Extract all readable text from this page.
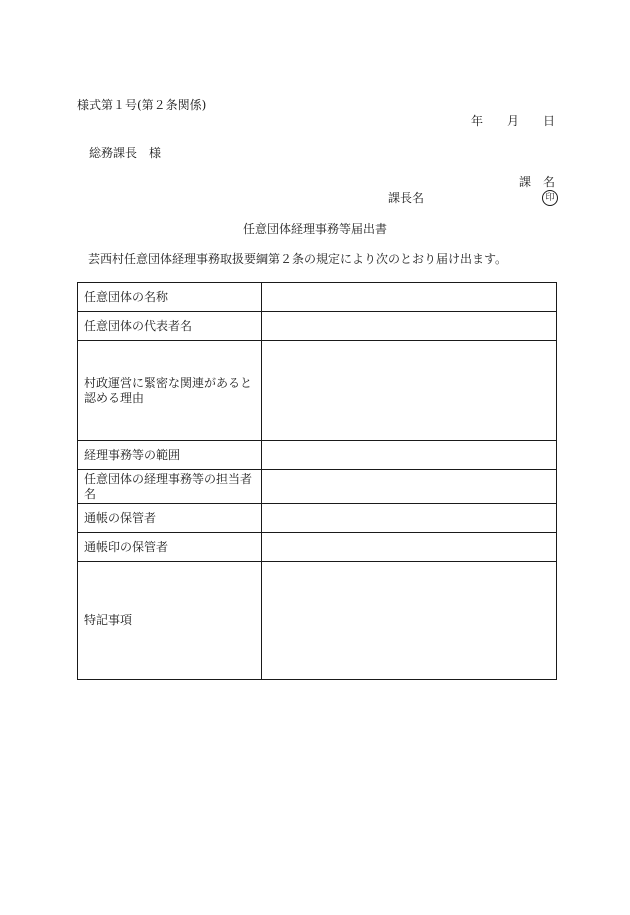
様式第１号(第２条関係)
年 月 日
総務課長　様
課　名
課長名	印
任意団体経理事務等届出書
芸西村任意団体経理事務取扱要綱第２条の規定により次のとおり届け出ます。
任意団体の名称	
任意団体の代表者名	
村政運営に緊密な関連があると認める理由	
経理事務等の範囲	
任意団体の経理事務等の担当者名	
通帳の保管者	
通帳印の保管者	
特記事項	
